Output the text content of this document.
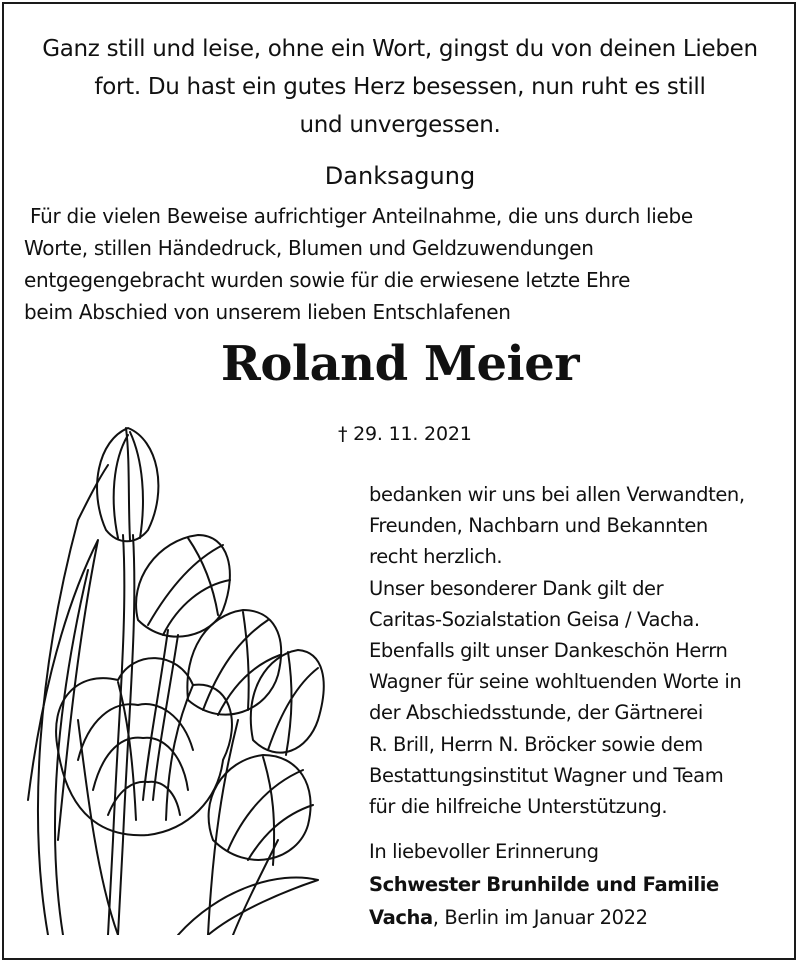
Ganz still und leise, ohne ein Wort, gingst du von deinen Lieben
fort. Du hast ein gutes Herz besessen, nun ruht es still
und unvergessen.
Danksagung
Für die vielen Beweise aufrichtiger Anteilnahme, die uns durch liebe
Worte, stillen Händedruck, Blumen und Geldzuwendungen
entgegengebracht wurden sowie für die erwiesene letzte Ehre
beim Abschied von unserem lieben Entschlafenen
Roland Meier
† 29. 11. 2021
bedanken wir uns bei allen Verwandten,
Freunden, Nachbarn und Bekannten
recht herzlich.
Unser besonderer Dank gilt der
Caritas-Sozialstation Geisa / Vacha.
Ebenfalls gilt unser Dankeschön Herrn
Wagner für seine wohltuenden Worte in
der Abschiedsstunde, der Gärtnerei
R. Brill, Herrn N. Bröcker sowie dem
Bestattungsinstitut Wagner und Team
für die hilfreiche Unterstützung.
In liebevoller Erinnerung
Schwester Brunhilde und Familie
Vacha, Berlin im Januar 2022
